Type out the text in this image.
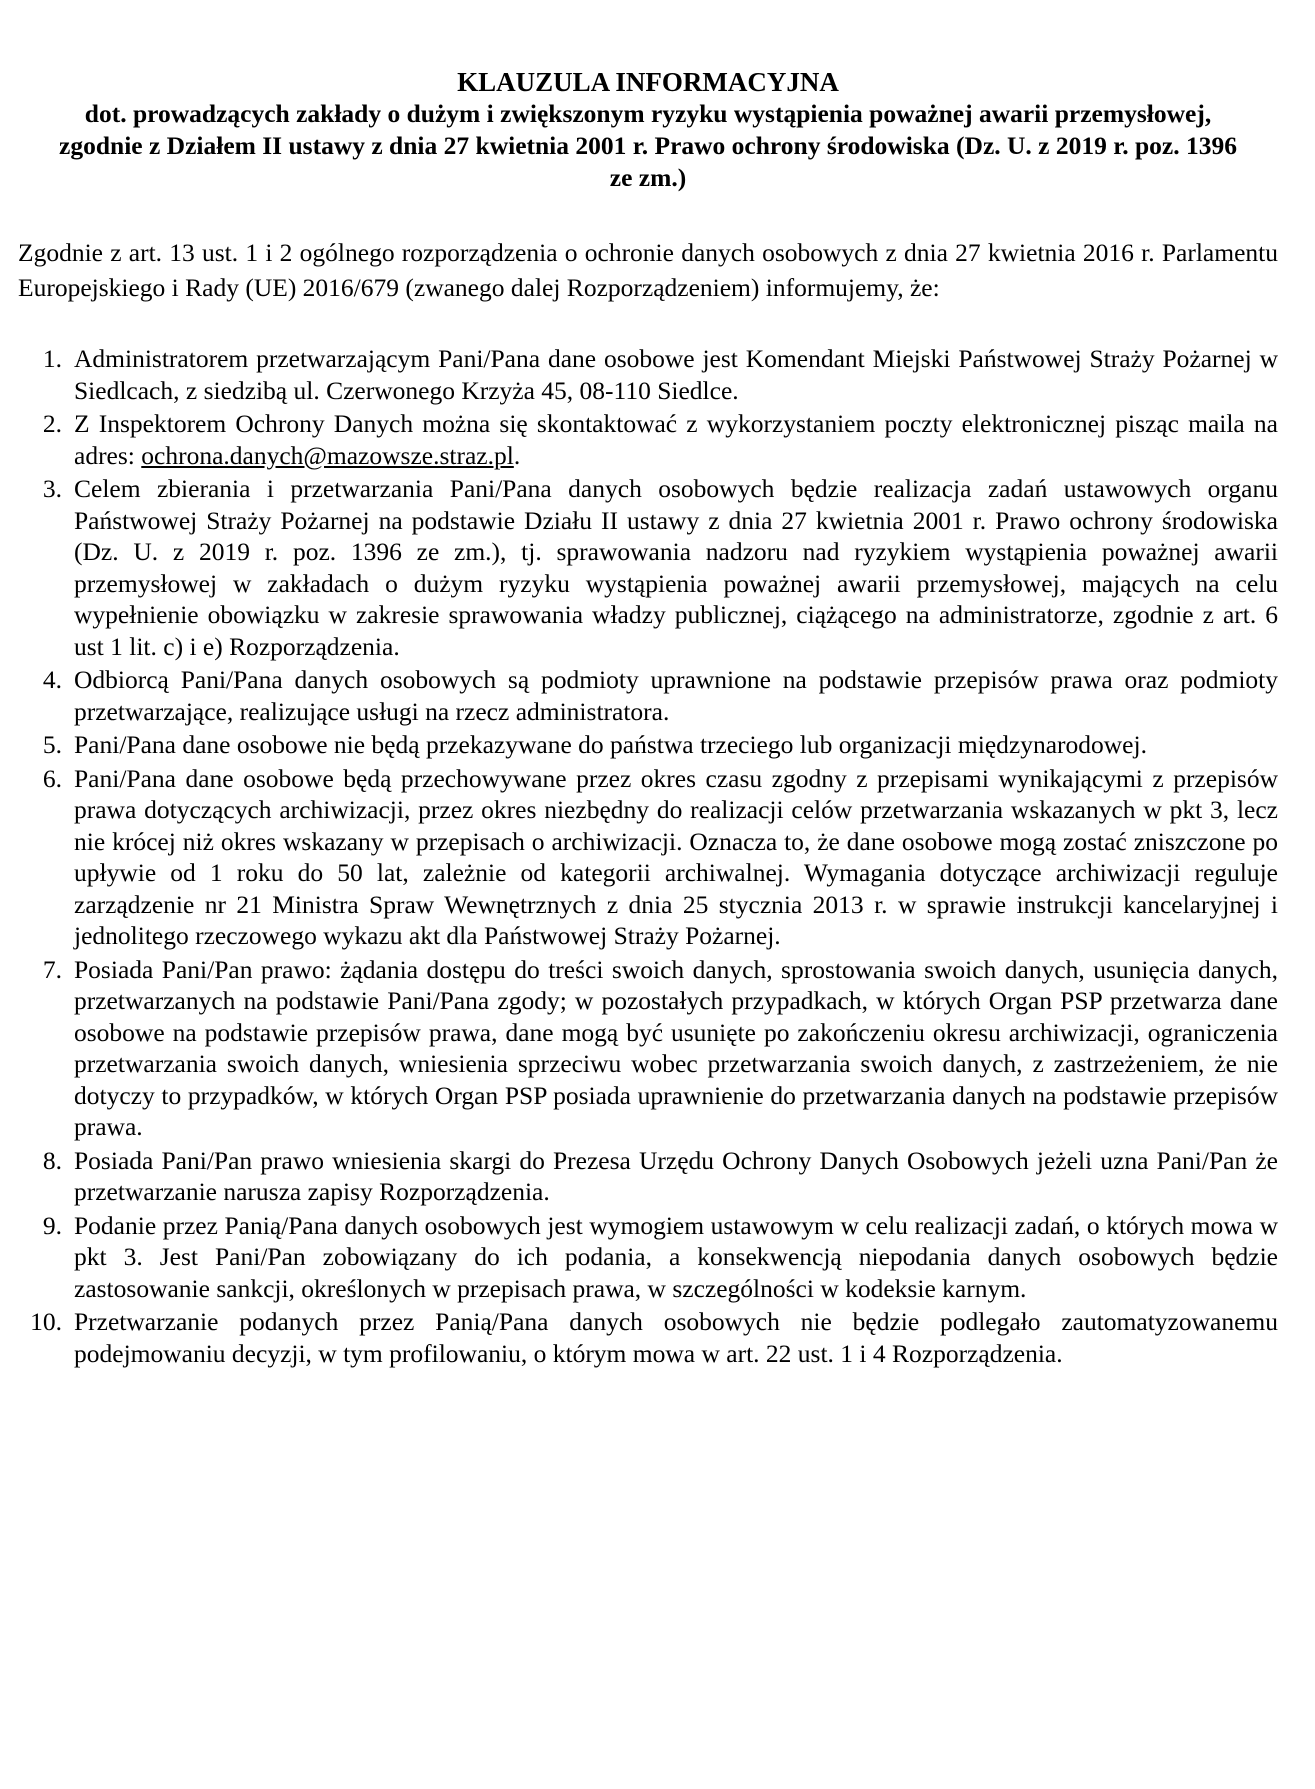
KLAUZULA INFORMACYJNA

dot. prowadzących zakłady o dużym i zwiększonym ryzyku wystąpienia poważnej awarii przemysłowej, zgodnie z Działem II ustawy z dnia 27 kwietnia 2001 r. Prawo ochrony środowiska (Dz. U. z 2019 r. poz. 1396 ze zm.)

Zgodnie z art. 13 ust. 1 i 2 ogólnego rozporządzenia o ochronie danych osobowych z dnia 27 kwietnia 2016 r. Parlamentu Europejskiego i Rady (UE) 2016/679 (zwanego dalej Rozporządzeniem) informujemy, że:

1. Administratorem przetwarzającym Pani/Pana dane osobowe jest Komendant Miejski Państwowej Straży Pożarnej w Siedlcach, z siedzibą ul. Czerwonego Krzyża 45, 08-110 Siedlce.
2. Z Inspektorem Ochrony Danych można się skontaktować z wykorzystaniem poczty elektronicznej pisząc maila na adres: ochrona.danych@mazowsze.straz.pl.
3. Celem zbierania i przetwarzania Pani/Pana danych osobowych będzie realizacja zadań ustawowych organu Państwowej Straży Pożarnej na podstawie Działu II ustawy z dnia 27 kwietnia 2001 r. Prawo ochrony środowiska (Dz. U. z 2019 r. poz. 1396 ze zm.), tj. sprawowania nadzoru nad ryzykiem wystąpienia poważnej awarii przemysłowej w zakładach o dużym ryzyku wystąpienia poważnej awarii przemysłowej, mających na celu wypełnienie obowiązku w zakresie sprawowania władzy publicznej, ciążącego na administratorze, zgodnie z art. 6 ust 1 lit. c) i e) Rozporządzenia.
4. Odbiorcą Pani/Pana danych osobowych są podmioty uprawnione na podstawie przepisów prawa oraz podmioty przetwarzające, realizujące usługi na rzecz administratora.
5. Pani/Pana dane osobowe nie będą przekazywane do państwa trzeciego lub organizacji międzynarodowej.
6. Pani/Pana dane osobowe będą przechowywane przez okres czasu zgodny z przepisami wynikającymi z przepisów prawa dotyczących archiwizacji, przez okres niezbędny do realizacji celów przetwarzania wskazanych w pkt 3, lecz nie krócej niż okres wskazany w przepisach o archiwizacji. Oznacza to, że dane osobowe mogą zostać zniszczone po upływie od 1 roku do 50 lat, zależnie od kategorii archiwalnej. Wymagania dotyczące archiwizacji reguluje zarządzenie nr 21 Ministra Spraw Wewnętrznych z dnia 25 stycznia 2013 r. w sprawie instrukcji kancelaryjnej i jednolitego rzeczowego wykazu akt dla Państwowej Straży Pożarnej.
7. Posiada Pani/Pan prawo: żądania dostępu do treści swoich danych, sprostowania swoich danych, usunięcia danych, przetwarzanych na podstawie Pani/Pana zgody; w pozostałych przypadkach, w których Organ PSP przetwarza dane osobowe na podstawie przepisów prawa, dane mogą być usunięte po zakończeniu okresu archiwizacji, ograniczenia przetwarzania swoich danych, wniesienia sprzeciwu wobec przetwarzania swoich danych, z zastrzeżeniem, że nie dotyczy to przypadków, w których Organ PSP posiada uprawnienie do przetwarzania danych na podstawie przepisów prawa.
8. Posiada Pani/Pan prawo wniesienia skargi do Prezesa Urzędu Ochrony Danych Osobowych jeżeli uzna Pani/Pan że przetwarzanie narusza zapisy Rozporządzenia.
9. Podanie przez Panią/Pana danych osobowych jest wymogiem ustawowym w celu realizacji zadań, o których mowa w pkt 3. Jest Pani/Pan zobowiązany do ich podania, a konsekwencją niepodania danych osobowych będzie zastosowanie sankcji, określonych w przepisach prawa, w szczególności w kodeksie karnym.
10. Przetwarzanie podanych przez Panią/Pana danych osobowych nie będzie podlegało zautomatyzowanemu podejmowaniu decyzji, w tym profilowaniu, o którym mowa w art. 22 ust. 1 i 4 Rozporządzenia.
